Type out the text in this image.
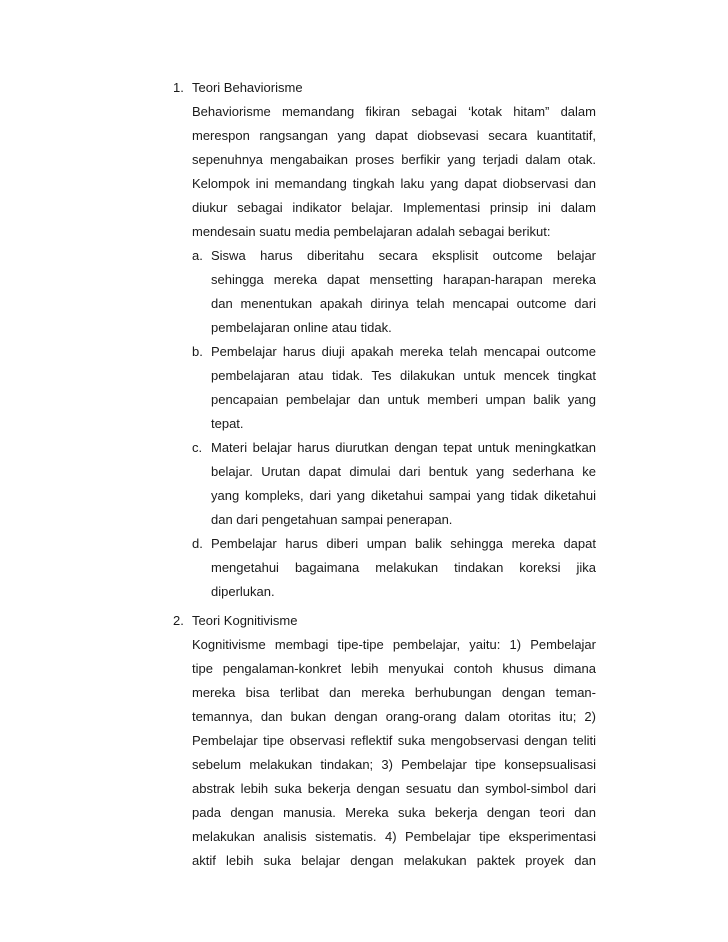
1. Teori Behaviorisme
Behaviorisme memandang fikiran sebagai ‘kotak hitam” dalam
merespon rangsangan yang dapat diobsevasi secara kuantitatif,
sepenuhnya mengabaikan proses berfikir yang terjadi dalam otak.
Kelompok ini memandang tingkah laku yang dapat diobservasi dan
diukur sebagai indikator belajar. Implementasi prinsip ini dalam
mendesain suatu media pembelajaran adalah sebagai berikut:
a. Siswa harus diberitahu secara eksplisit outcome belajar
sehingga mereka dapat mensetting harapan-harapan mereka
dan menentukan apakah dirinya telah mencapai outcome dari
pembelajaran online atau tidak.
b. Pembelajar harus diuji apakah mereka telah mencapai outcome
pembelajaran atau tidak. Tes dilakukan untuk mencek tingkat
pencapaian pembelajar dan untuk memberi umpan balik yang
tepat.
c. Materi belajar harus diurutkan dengan tepat untuk meningkatkan
belajar. Urutan dapat dimulai dari bentuk yang sederhana ke
yang kompleks, dari yang diketahui sampai yang tidak diketahui
dan dari pengetahuan sampai penerapan.
d. Pembelajar harus diberi umpan balik sehingga mereka dapat
mengetahui bagaimana melakukan tindakan koreksi jika
diperlukan.
2. Teori Kognitivisme
Kognitivisme membagi tipe-tipe pembelajar, yaitu: 1) Pembelajar
tipe pengalaman-konkret lebih menyukai contoh khusus dimana
mereka bisa terlibat dan mereka berhubungan dengan teman-
temannya, dan bukan dengan orang-orang dalam otoritas itu; 2)
Pembelajar tipe observasi reflektif suka mengobservasi dengan teliti
sebelum melakukan tindakan; 3) Pembelajar tipe konsepsualisasi
abstrak lebih suka bekerja dengan sesuatu dan symbol-simbol dari
pada dengan manusia. Mereka suka bekerja dengan teori dan
melakukan analisis sistematis. 4) Pembelajar tipe eksperimentasi
aktif lebih suka belajar dengan melakukan paktek proyek dan
